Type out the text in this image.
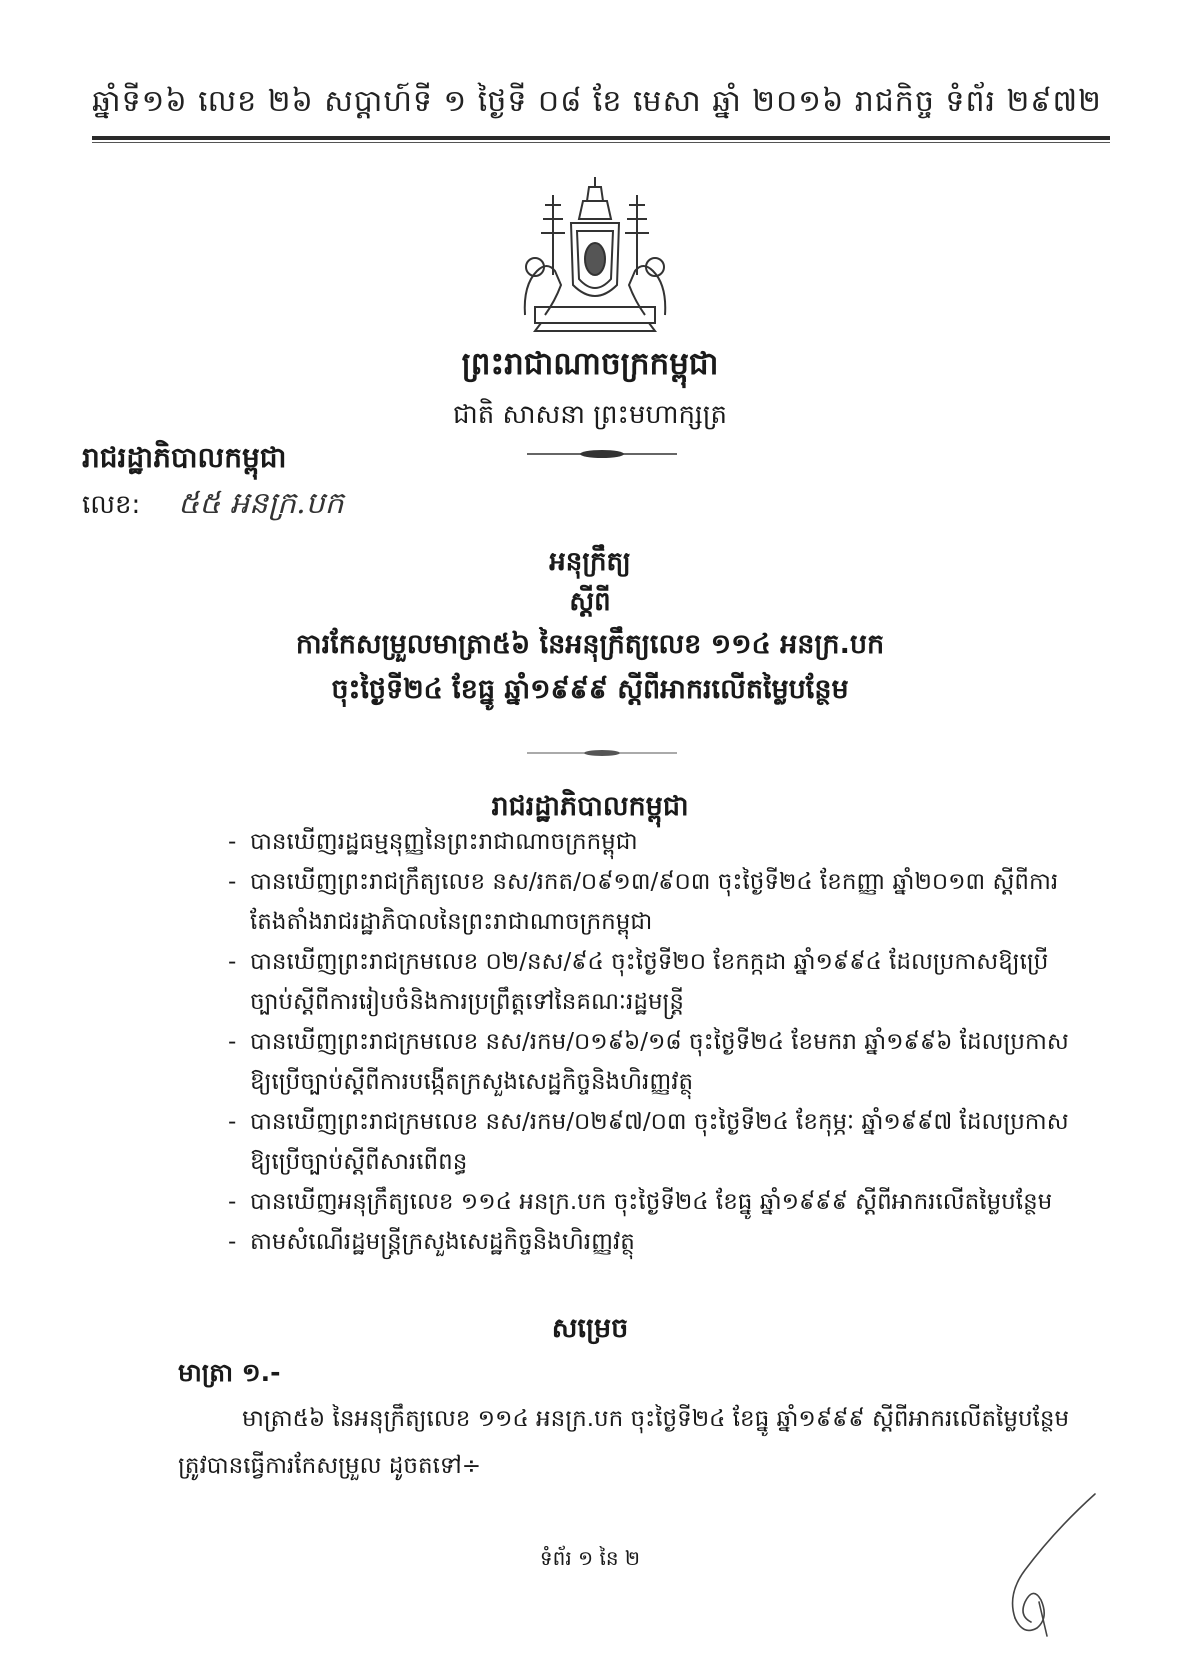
ឆ្នាំទី១៦ លេខ ២៦ សប្តាហ៍ទី ១ ថ្ងៃទី ០៨ ខែ មេសា ឆ្នាំ ២០១៦ រាជកិច្ច ទំព័រ ២៩៧២
ព្រះរាជាណាចក្រកម្ពុជា
ជាតិ សាសនា ព្រះមហាក្សត្រ
រាជរដ្ឋាភិបាលកម្ពុជា
លេខ: ៥៥ អនក្រ.បក
អនុក្រឹត្យ
ស្តីពី
ការកែសម្រួលមាត្រា៥៦ នៃអនុក្រឹត្យលេខ ១១៤ អនក្រ.បក
ចុះថ្ងៃទី២៤ ខែធ្នូ ឆ្នាំ១៩៩៩ ស្តីពីអាករលើតម្លៃបន្ថែម
រាជរដ្ឋាភិបាលកម្ពុជា
- បានឃើញរដ្ឋធម្មនុញ្ញនៃព្រះរាជាណាចក្រកម្ពុជា
- បានឃើញព្រះរាជក្រឹត្យលេខ នស/រកត/០៩១៣/៩០៣ ចុះថ្ងៃទី២៤ ខែកញ្ញា ឆ្នាំ២០១៣ ស្តីពីការ
តែងតាំងរាជរដ្ឋាភិបាលនៃព្រះរាជាណាចក្រកម្ពុជា
- បានឃើញព្រះរាជក្រមលេខ ០២/នស/៩៤ ចុះថ្ងៃទី២០ ខែកក្កដា ឆ្នាំ១៩៩៤ ដែលប្រកាសឱ្យប្រើ
ច្បាប់ស្តីពីការរៀបចំនិងការប្រព្រឹត្តទៅនៃគណៈរដ្ឋមន្ត្រី
- បានឃើញព្រះរាជក្រមលេខ នស/រកម/០១៩៦/១៨ ចុះថ្ងៃទី២៤ ខែមករា ឆ្នាំ១៩៩៦ ដែលប្រកាស
ឱ្យប្រើច្បាប់ស្តីពីការបង្កើតក្រសួងសេដ្ឋកិច្ចនិងហិរញ្ញវត្ថុ
- បានឃើញព្រះរាជក្រមលេខ នស/រកម/០២៩៧/០៣ ចុះថ្ងៃទី២៤ ខែកុម្ភៈ ឆ្នាំ១៩៩៧ ដែលប្រកាស
ឱ្យប្រើច្បាប់ស្តីពីសារពើពន្ធ
- បានឃើញអនុក្រឹត្យលេខ ១១៤ អនក្រ.បក ចុះថ្ងៃទី២៤ ខែធ្នូ ឆ្នាំ១៩៩៩ ស្តីពីអាករលើតម្លៃបន្ថែម
- តាមសំណើរដ្ឋមន្ត្រីក្រសួងសេដ្ឋកិច្ចនិងហិរញ្ញវត្ថុ
សម្រេច
មាត្រា ១.-
មាត្រា៥៦ នៃអនុក្រឹត្យលេខ ១១៤ អនក្រ.បក ចុះថ្ងៃទី២៤ ខែធ្នូ ឆ្នាំ១៩៩៩ ស្តីពីអាករលើតម្លៃបន្ថែម
ត្រូវបានធ្វើការកែសម្រួល ដូចតទៅ÷
ទំព័រ ១ នៃ ២
